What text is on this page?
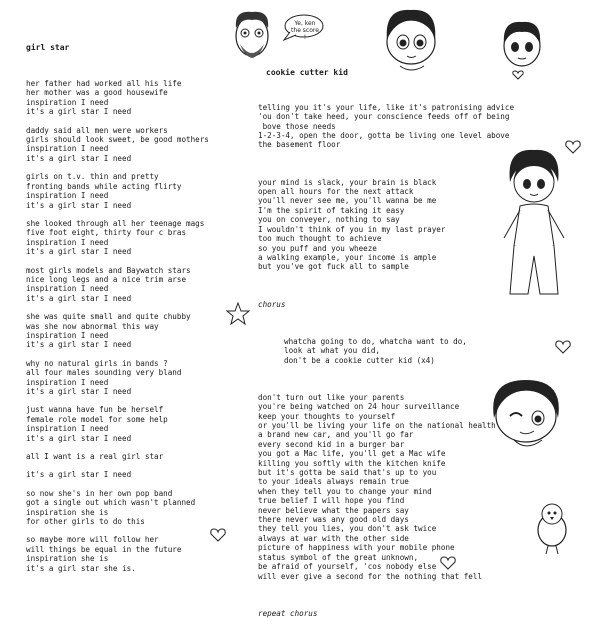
girl star

her father had worked all his life
her mother was a good housewife
inspiration I need
it's a girl star I need
daddy said all men were workers
girls should look sweet, be good mothers
inspiration I need
it's a girl star I need
girls on t.v. thin and pretty
fronting bands while acting flirty
inspiration I need
it's a girl star I need
she looked through all her teenage mags
five foot eight, thirty four c bras
inspiration I need
it's a girl star I need
most girls models and Baywatch stars
nice long legs and a nice trim arse
inspiration I need
it's a girl star I need
she was quite small and quite chubby
was she now abnormal this way
inspiration I need
it's a girl star I need
why no natural girls in bands ?
all four males sounding very bland
inspiration I need
it's a girl star I need
just wanna have fun be herself
female role model for some help
inspiration I need
it's a girl star I need
all I want is a real girl star
it's a girl star I need
so now she's in her own pop band
got a single out which wasn't planned
inspiration she is
for other girls to do this
so maybe more will follow her
will things be equal in the future
inspiration she is
it's a girl star she is.

cookie cutter kid

telling you it's your life, like it's patronising advice
'ou don't take heed, your conscience feeds off of being
bove those needs
1-2-3-4, open the door, gotta be living one level above
the basement floor

your mind is slack, your brain is black
open all hours for the next attack
you'll never see me, you'll wanna be me
I'm the spirit of taking it easy
you on conveyer, nothing to say
I wouldn't think of you in my last prayer
too much thought to achieve
so you puff and you wheeze
a walking example, your income is ample
but you've got fuck all to sample

chorus

whatcha going to do, whatcha want to do,
look at what you did,
don't be a cookie cutter kid (x4)

don't turn out like your parents
you're being watched on 24 hour surveillance
keep your thoughts to yourself
or you'll be living your life on the national health
a brand new car, and you'll go far
every second kid in a burger bar
you got a Mac life, you'll get a Mac wife
killing you softly with the kitchen knife
but it's gotta be said that's up to you
to your ideals always remain true
when they tell you to change your mind
true belief I will hope you find
never believe what the papers say
there never was any good old days
they tell you lies, you don't ask twice
always at war with the other side
picture of happiness with your mobile phone
status symbol of the great unknown,
be afraid of yourself, 'cos nobody else
will ever give a second for the nothing that fell

repeat chorus

Ye, ken the score !
